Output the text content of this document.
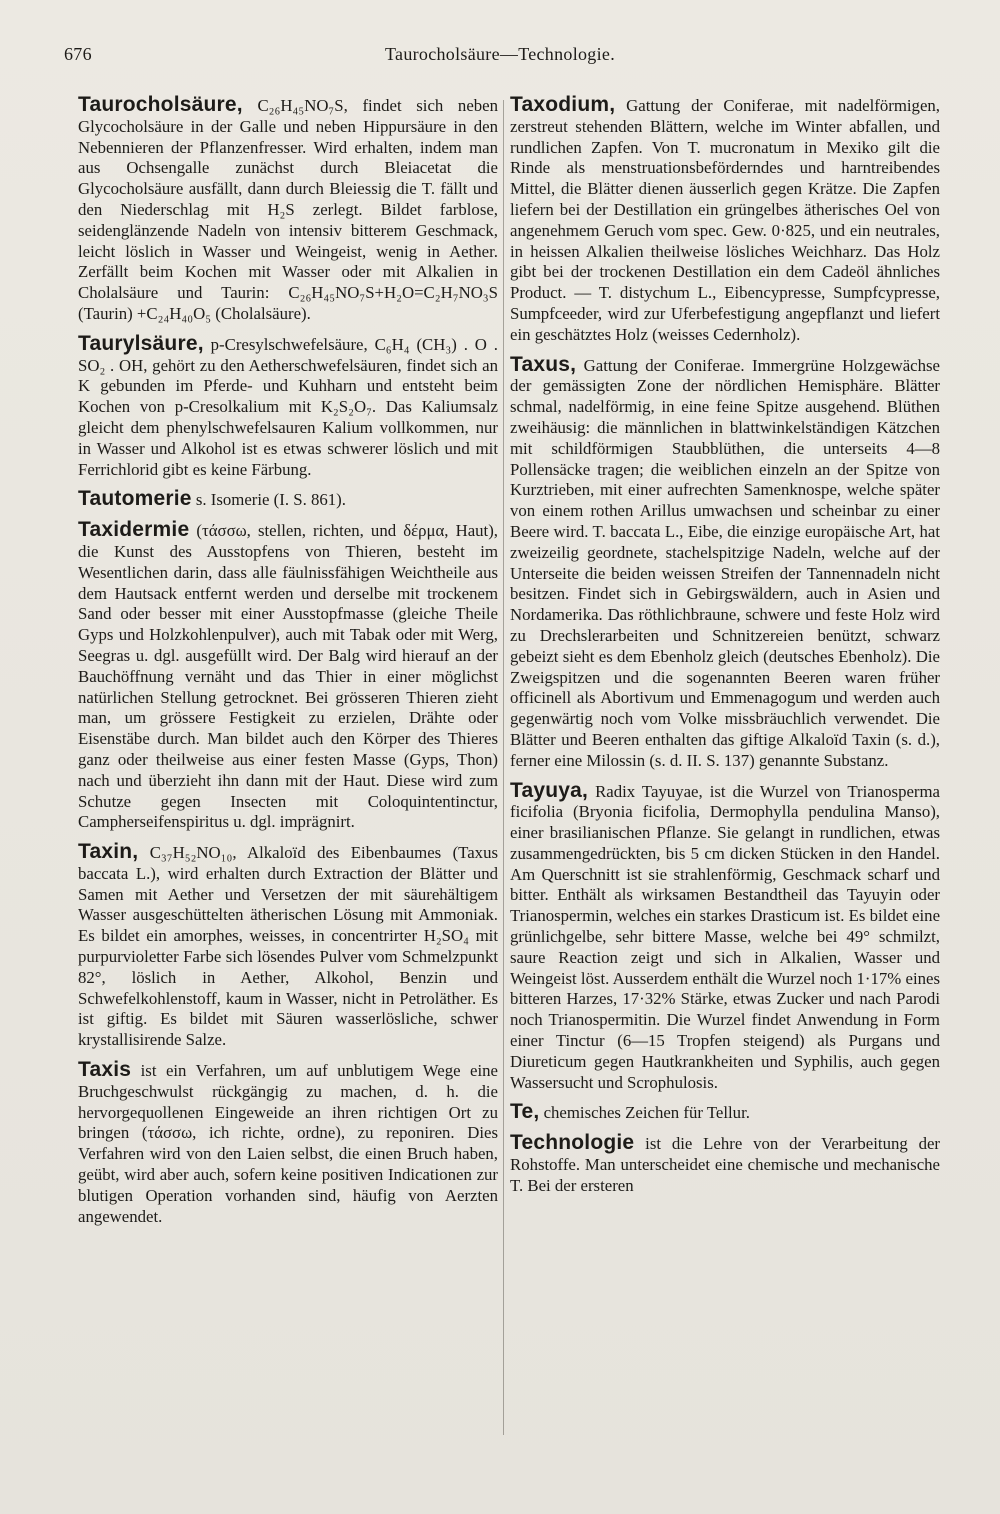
676	Taurocholsäure—Technologie.

Taurocholsäure, C₂₆H₄₅NO₇S, findet sich neben Glycocholsäure in der Galle und neben Hippursäure in den Nebennieren der Pflanzenfresser. Wird erhalten, indem man aus Ochsengalle zunächst durch Bleiacetat die Glycocholsäure ausfällt, dann durch Bleiessig die T. fällt und den Niederschlag mit H₂S zerlegt. Bildet farblose, seidenglänzende Nadeln von intensiv bitterem Geschmack, leicht löslich in Wasser und Weingeist, wenig in Aether. Zerfällt beim Kochen mit Wasser oder mit Alkalien in Cholalsäure und Taurin: C₂₆H₄₅NO₇S+H₂O=C₂H₇NO₃S (Taurin) +C₂₄H₄₀O₅ (Cholalsäure).

Taurylsäure, p-Cresylschwefelsäure, C₆H₄ (CH₃) . O . SO₂ . OH, gehört zu den Aetherschwefelsäuren, findet sich an K gebunden im Pferde- und Kuhharn und entsteht beim Kochen von p-Cresolkalium mit K₂S₂O₇. Das Kaliumsalz gleicht dem phenylschwefelsauren Kalium vollkommen, nur in Wasser und Alkohol ist es etwas schwerer löslich und mit Ferrichlorid gibt es keine Färbung.

Tautomerie s. Isomerie (I. S. 861).

Taxidermie (τάσσω, stellen, richten, und δέρμα, Haut), die Kunst des Ausstopfens von Thieren, besteht im Wesentlichen darin, dass alle fäulnissfähigen Weichtheile aus dem Hautsack entfernt werden und derselbe mit trockenem Sand oder besser mit einer Ausstopfmasse (gleiche Theile Gyps und Holzkohlenpulver), auch mit Tabak oder mit Werg, Seegras u. dgl. ausgefüllt wird. Der Balg wird hierauf an der Bauchöffnung vernäht und das Thier in einer möglichst natürlichen Stellung getrocknet. Bei grösseren Thieren zieht man, um grössere Festigkeit zu erzielen, Drähte oder Eisenstäbe durch. Man bildet auch den Körper des Thieres ganz oder theilweise aus einer festen Masse (Gyps, Thon) nach und überzieht ihn dann mit der Haut. Diese wird zum Schutze gegen Insecten mit Coloquintentinctur, Campherseifenspiritus u. dgl. imprägnirt.

Taxin, C₃₇H₅₂NO₁₀, Alkaloïd des Eibenbaumes (Taxus baccata L.), wird erhalten durch Extraction der Blätter und Samen mit Aether und Versetzen der mit säurehältigem Wasser ausgeschüttelten ätherischen Lösung mit Ammoniak. Es bildet ein amorphes, weisses, in concentrirter H₂SO₄ mit purpurvioletter Farbe sich lösendes Pulver vom Schmelzpunkt 82°, löslich in Aether, Alkohol, Benzin und Schwefelkohlenstoff, kaum in Wasser, nicht in Petroläther. Es ist giftig. Es bildet mit Säuren wasserlösliche, schwer krystallisirende Salze.

Taxis ist ein Verfahren, um auf unblutigem Wege eine Bruchgeschwulst rückgängig zu machen, d. h. die hervorgequollenen Eingeweide an ihren richtigen Ort zu bringen (τάσσω, ich richte, ordne), zu reponiren. Dies Verfahren wird von den Laien selbst, die einen Bruch haben, geübt, wird aber auch, sofern keine positiven Indicationen zur blutigen Operation vorhanden sind, häufig von Aerzten angewendet.

Taxodium, Gattung der Coniferae, mit nadelförmigen, zerstreut stehenden Blättern, welche im Winter abfallen, und rundlichen Zapfen. Von T. mucronatum in Mexiko gilt die Rinde als menstruationsbeförderndes und harntreibendes Mittel, die Blätter dienen äusserlich gegen Krätze. Die Zapfen liefern bei der Destillation ein grüngelbes ätherisches Oel von angenehmem Geruch vom spec. Gew. 0·825, und ein neutrales, in heissen Alkalien theilweise lösliches Weichharz. Das Holz gibt bei der trockenen Destillation ein dem Cadeöl ähnliches Product. — T. distychum L., Eibencypresse, Sumpfcypresse, Sumpfceeder, wird zur Uferbefestigung angepflanzt und liefert ein geschätztes Holz (weisses Cedernholz).

Taxus, Gattung der Coniferae. Immergrüne Holzgewächse der gemässigten Zone der nördlichen Hemisphäre. Blätter schmal, nadelförmig, in eine feine Spitze ausgehend. Blüthen zweihäusig: die männlichen in blattwinkelständigen Kätzchen mit schildförmigen Staubblüthen, die unterseits 4—8 Pollensäcke tragen; die weiblichen einzeln an der Spitze von Kurztrieben, mit einer aufrechten Samenknospe, welche später von einem rothen Arillus umwachsen und scheinbar zu einer Beere wird. T. baccata L., Eibe, die einzige europäische Art, hat zweizeilig geordnete, stachelspitzige Nadeln, welche auf der Unterseite die beiden weissen Streifen der Tannennadeln nicht besitzen. Findet sich in Gebirgswäldern, auch in Asien und Nordamerika. Das röthlichbraune, schwere und feste Holz wird zu Drechslerarbeiten und Schnitzereien benützt, schwarz gebeizt sieht es dem Ebenholz gleich (deutsches Ebenholz). Die Zweigspitzen und die sogenannten Beeren waren früher officinell als Abortivum und Emmenagogum und werden auch gegenwärtig noch vom Volke missbräuchlich verwendet. Die Blätter und Beeren enthalten das giftige Alkaloïd Taxin (s. d.), ferner eine Milossin (s. d. II. S. 137) genannte Substanz.

Tayuya, Radix Tayuyae, ist die Wurzel von Trianosperma ficifolia (Bryonia ficifolia, Dermophylla pendulina Manso), einer brasilianischen Pflanze. Sie gelangt in rundlichen, etwas zusammengedrückten, bis 5 cm dicken Stücken in den Handel. Am Querschnitt ist sie strahlenförmig, Geschmack scharf und bitter. Enthält als wirksamen Bestandtheil das Tayuyin oder Trianospermin, welches ein starkes Drasticum ist. Es bildet eine grünlichgelbe, sehr bittere Masse, welche bei 49° schmilzt, saure Reaction zeigt und sich in Alkalien, Wasser und Weingeist löst. Ausserdem enthält die Wurzel noch 1·17% eines bitteren Harzes, 17·32% Stärke, etwas Zucker und nach Parodi noch Trianospermitin. Die Wurzel findet Anwendung in Form einer Tinctur (6—15 Tropfen steigend) als Purgans und Diureticum gegen Hautkrankheiten und Syphilis, auch gegen Wassersucht und Scrophulosis.

Te, chemisches Zeichen für Tellur.

Technologie ist die Lehre von der Verarbeitung der Rohstoffe. Man unterscheidet eine chemische und mechanische T. Bei der ersteren
